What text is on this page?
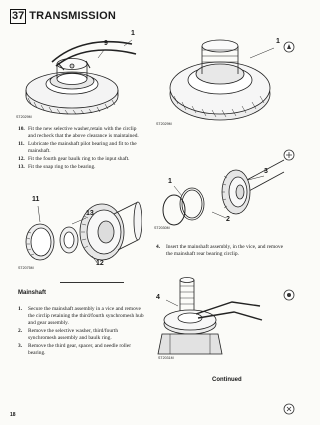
37 TRANSMISSION
9
1
ST2029M
10. Fit the new selective washer,retain with the circlip and recheck that the above clearance is maintained.
11. Lubricate the mainshaft pilot bearing and fit to the mainshaft.
12. Fit the fourth gear baulk ring to the input shaft.
13. Fit the snap ring to the bearing.
11
13
12
ST2075M
Mainshaft
1.	Secure the mainshaft assembly in a vice and remove the circlip retaining the third/fourth synchromesh hub and gear assembly.
2.	Remove the selective washer, third/fourth synchromesh assembly and baulk ring.
3.	Remove the third gear, spacer, and needle roller bearing.
1
ST2029M
1
3
2
ST2030M
4.	Insert the mainshaft assembly, in the vice, and remove the mainshaft rear bearing circlip.
4
ST2031M
Continued
18
